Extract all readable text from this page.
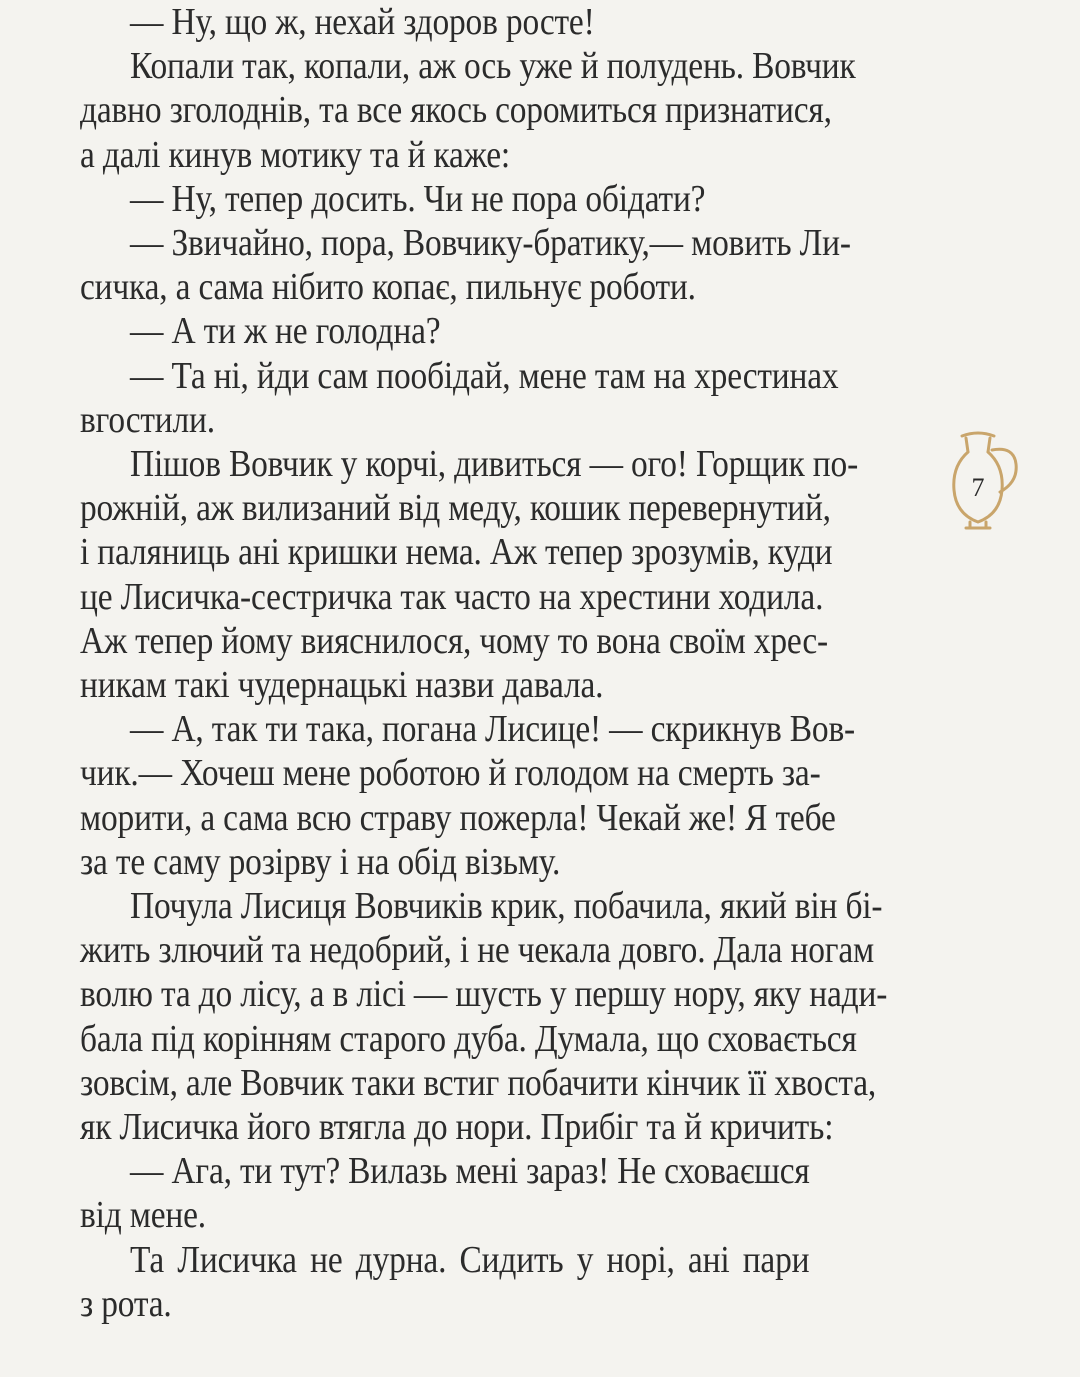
— Ну, що ж, нехай здоров росте!
Копали так, копали, аж ось уже й полудень. Вовчик
давно зголоднів, та все якось соромиться признатися,
а далі кинув мотику та й каже:
— Ну, тепер досить. Чи не пора обідати?
— Звичайно, пора, Вовчику-братику,— мовить Ли-
сичка, а сама нібито копає, пильнує роботи.
— А ти ж не голодна?
— Та ні, йди сам пообідай, мене там на хрестинах
вгостили.
Пішов Вовчик у корчі, дивиться — ого! Горщик по-
рожній, аж вилизаний від меду, кошик перевернутий,
і паляниць ані кришки нема. Аж тепер зрозумів, куди
це Лисичка-сестричка так часто на хрестини ходила.
Аж тепер йому вияснилося, чому то вона своїм хрес-
никам такі чудернацькі назви давала.
— А, так ти така, погана Лисице! — скрикнув Вов-
чик.— Хочеш мене роботою й голодом на смерть за-
морити, а сама всю страву пожерла! Чекай же! Я тебе
за те саму розірву і на обід візьму.
Почула Лисиця Вовчиків крик, побачила, який він бі-
жить злючий та недобрий, і не чекала довго. Дала ногам
волю та до лісу, а в лісі — шусть у першу нору, яку нади-
бала під корінням старого дуба. Думала, що сховається
зовсім, але Вовчик таки встиг побачити кінчик її хвоста,
як Лисичка його втягла до нори. Прибіг та й кричить:
— Ага, ти тут? Вилазь мені зараз! Не сховаєшся
від мене.
Та Лисичка не дурна. Сидить у норі, ані пари
з рота.
7
